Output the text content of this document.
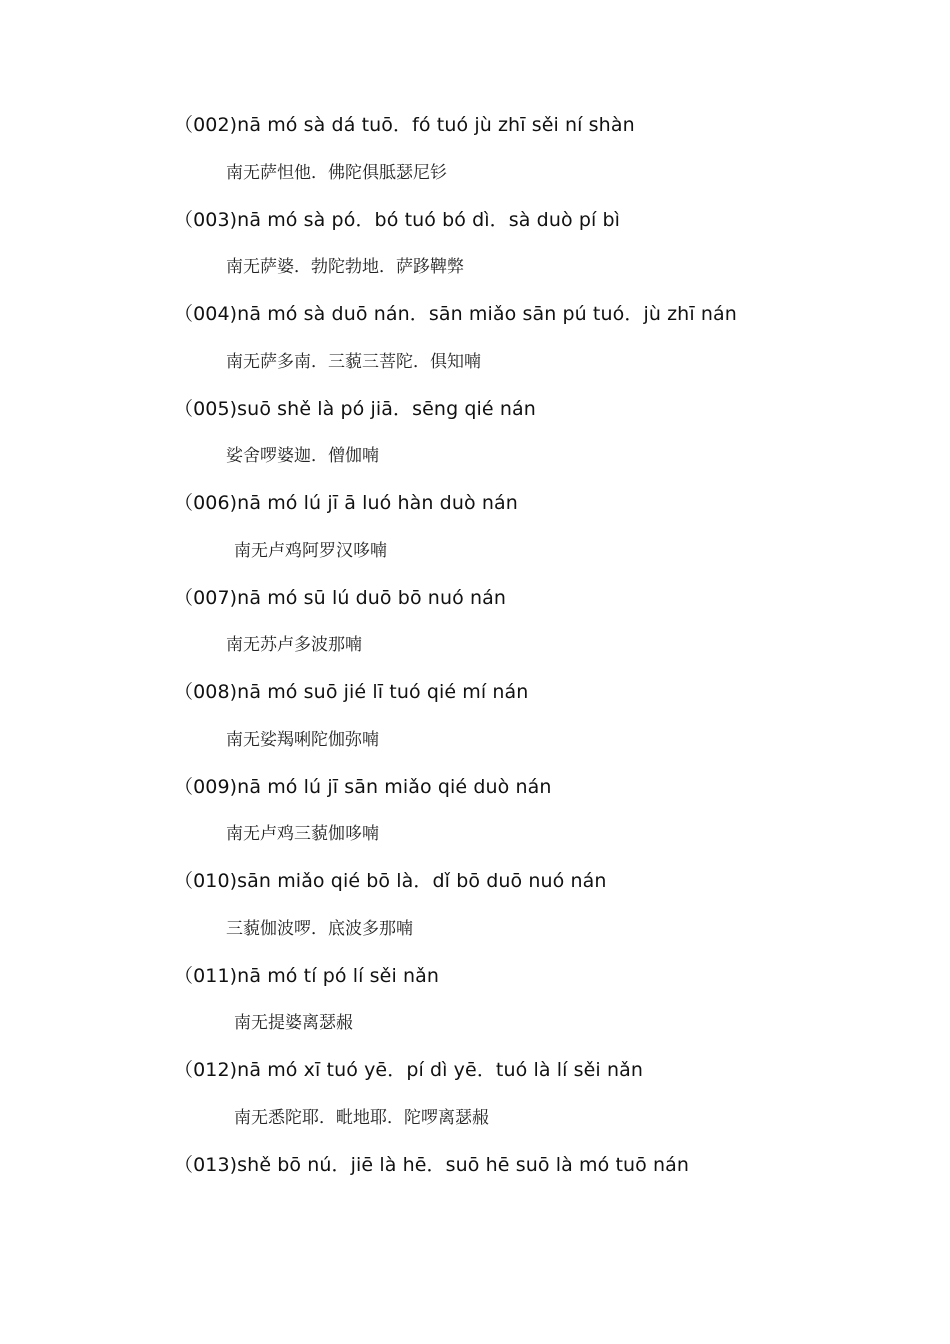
（002)nā mó sà dá tuō．fó tuó jù zhī sěi ní shàn
南无萨怛他．佛陀俱胝瑟尼钐
（003)nā mó sà pó．bó tuó bó dì．sà duò pí bì
南无萨婆．勃陀勃地．萨跢鞞弊
（004)nā mó sà duō nán．sān miǎo sān pú tuó．jù zhī nán
南无萨多南．三藐三菩陀．俱知喃
（005)suō shě là pó jiā．sēng qié nán
娑舍啰婆迦．僧伽喃
（006)nā mó lú jī ā luó hàn duò nán
南无卢鸡阿罗汉哆喃
（007)nā mó sū lú duō bō nuó nán
南无苏卢多波那喃
（008)nā mó suō jié lī tuó qié mí nán
南无娑羯唎陀伽弥喃
（009)nā mó lú jī sān miǎo qié duò nán
南无卢鸡三藐伽哆喃
（010)sān miǎo qié bō là．dǐ bō duō nuó nán
三藐伽波啰．底波多那喃
（011)nā mó tí pó lí sěi nǎn
南无提婆离瑟赧
（012)nā mó xī tuó yē．pí dì yē．tuó là lí sěi nǎn
南无悉陀耶．毗地耶．陀啰离瑟赧
（013)shě bō nú．jiē là hē．suō hē suō là mó tuō nán
